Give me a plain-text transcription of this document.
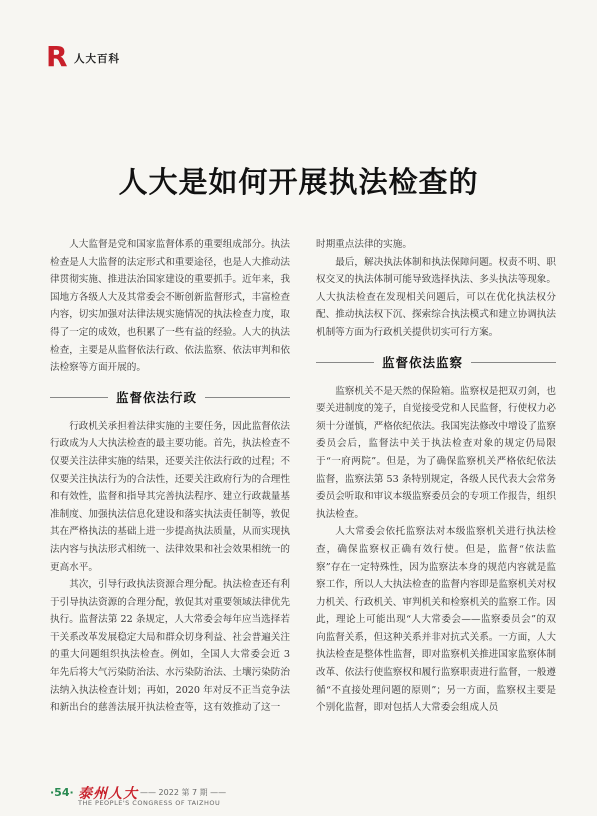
R 人大百科
人大是如何开展执法检查的

人大监督是党和国家监督体系的重要组成部分。执法检查是人大监督的法定形式和重要途径，也是人大推动法律贯彻实施、推进法治国家建设的重要抓手。近年来，我国地方各级人大及其常委会不断创新监督形式，丰富检查内容，切实加强对法律法规实施情况的执法检查力度，取得了一定的成效，也积累了一些有益的经验。人大的执法检查，主要是从监督依法行政、依法监察、依法审判和依法检察等方面开展的。

监督依法行政

行政机关承担着法律实施的主要任务，因此监督依法行政成为人大执法检查的最主要功能。首先，执法检查不仅要关注法律实施的结果，还要关注依法行政的过程；不仅要关注执法行为的合法性，还要关注政府行为的合理性和有效性，监督和指导其完善执法程序、建立行政裁量基准制度、加强执法信息化建设和落实执法责任制等，敦促其在严格执法的基础上进一步提高执法质量，从而实现执法内容与执法形式相统一、法律效果和社会效果相统一的更高水平。

其次，引导行政执法资源合理分配。执法检查还有利于引导执法资源的合理分配，敦促其对重要领域法律优先执行。监督法第 22 条规定，人大常委会每年应当选择若干关系改革发展稳定大局和群众切身利益、社会普遍关注的重大问题组织执法检查。例如，全国人大常委会近 3 年先后将大气污染防治法、水污染防治法、土壤污染防治法纳入执法检查计划；再如，2020 年对反不正当竞争法和新出台的慈善法展开执法检查等，这有效推动了这一

时期重点法律的实施。

最后，解决执法体制和执法保障问题。权责不明、职权交叉的执法体制可能导致选择执法、多头执法等现象。人大执法检查在发现相关问题后，可以在优化执法权分配、推动执法权下沉、探索综合执法模式和建立协调执法机制等方面为行政机关提供切实可行方案。

监督依法监察

监察机关不是天然的保险箱。监察权是把双刃剑，也要关进制度的笼子，自觉接受党和人民监督，行使权力必须十分谨慎，严格依纪依法。我国宪法修改中增设了监察委员会后，监督法中关于执法检查对象的规定仍局限于“一府两院”。但是，为了确保监察机关严格依纪依法监督，监察法第 53 条特别规定，各级人民代表大会常务委员会听取和审议本级监察委员会的专项工作报告，组织执法检查。

人大常委会依托监察法对本级监察机关进行执法检查，确保监察权正确有效行使。但是，监督“依法监察”存在一定特殊性，因为监察法本身的规范内容就是监察工作，所以人大执法检查的监督内容即是监察机关对权力机关、行政机关、审判机关和检察机关的监察工作。因此，理论上可能出现“人大常委会——监察委员会”的双向监督关系，但这种关系并非对抗式关系。一方面，人大执法检查是整体性监督，即对监察机关推进国家监察体制改革、依法行使监察权和履行监察职责进行监督，一般遵循“不直接处理问题的原则”；另一方面，监察权主要是个别化监督，即对包括人大常委会组成人员

·54· 泰州人大 —— 2022 第 7 期 ——
THE PEOPLE'S CONGRESS OF TAIZHOU
